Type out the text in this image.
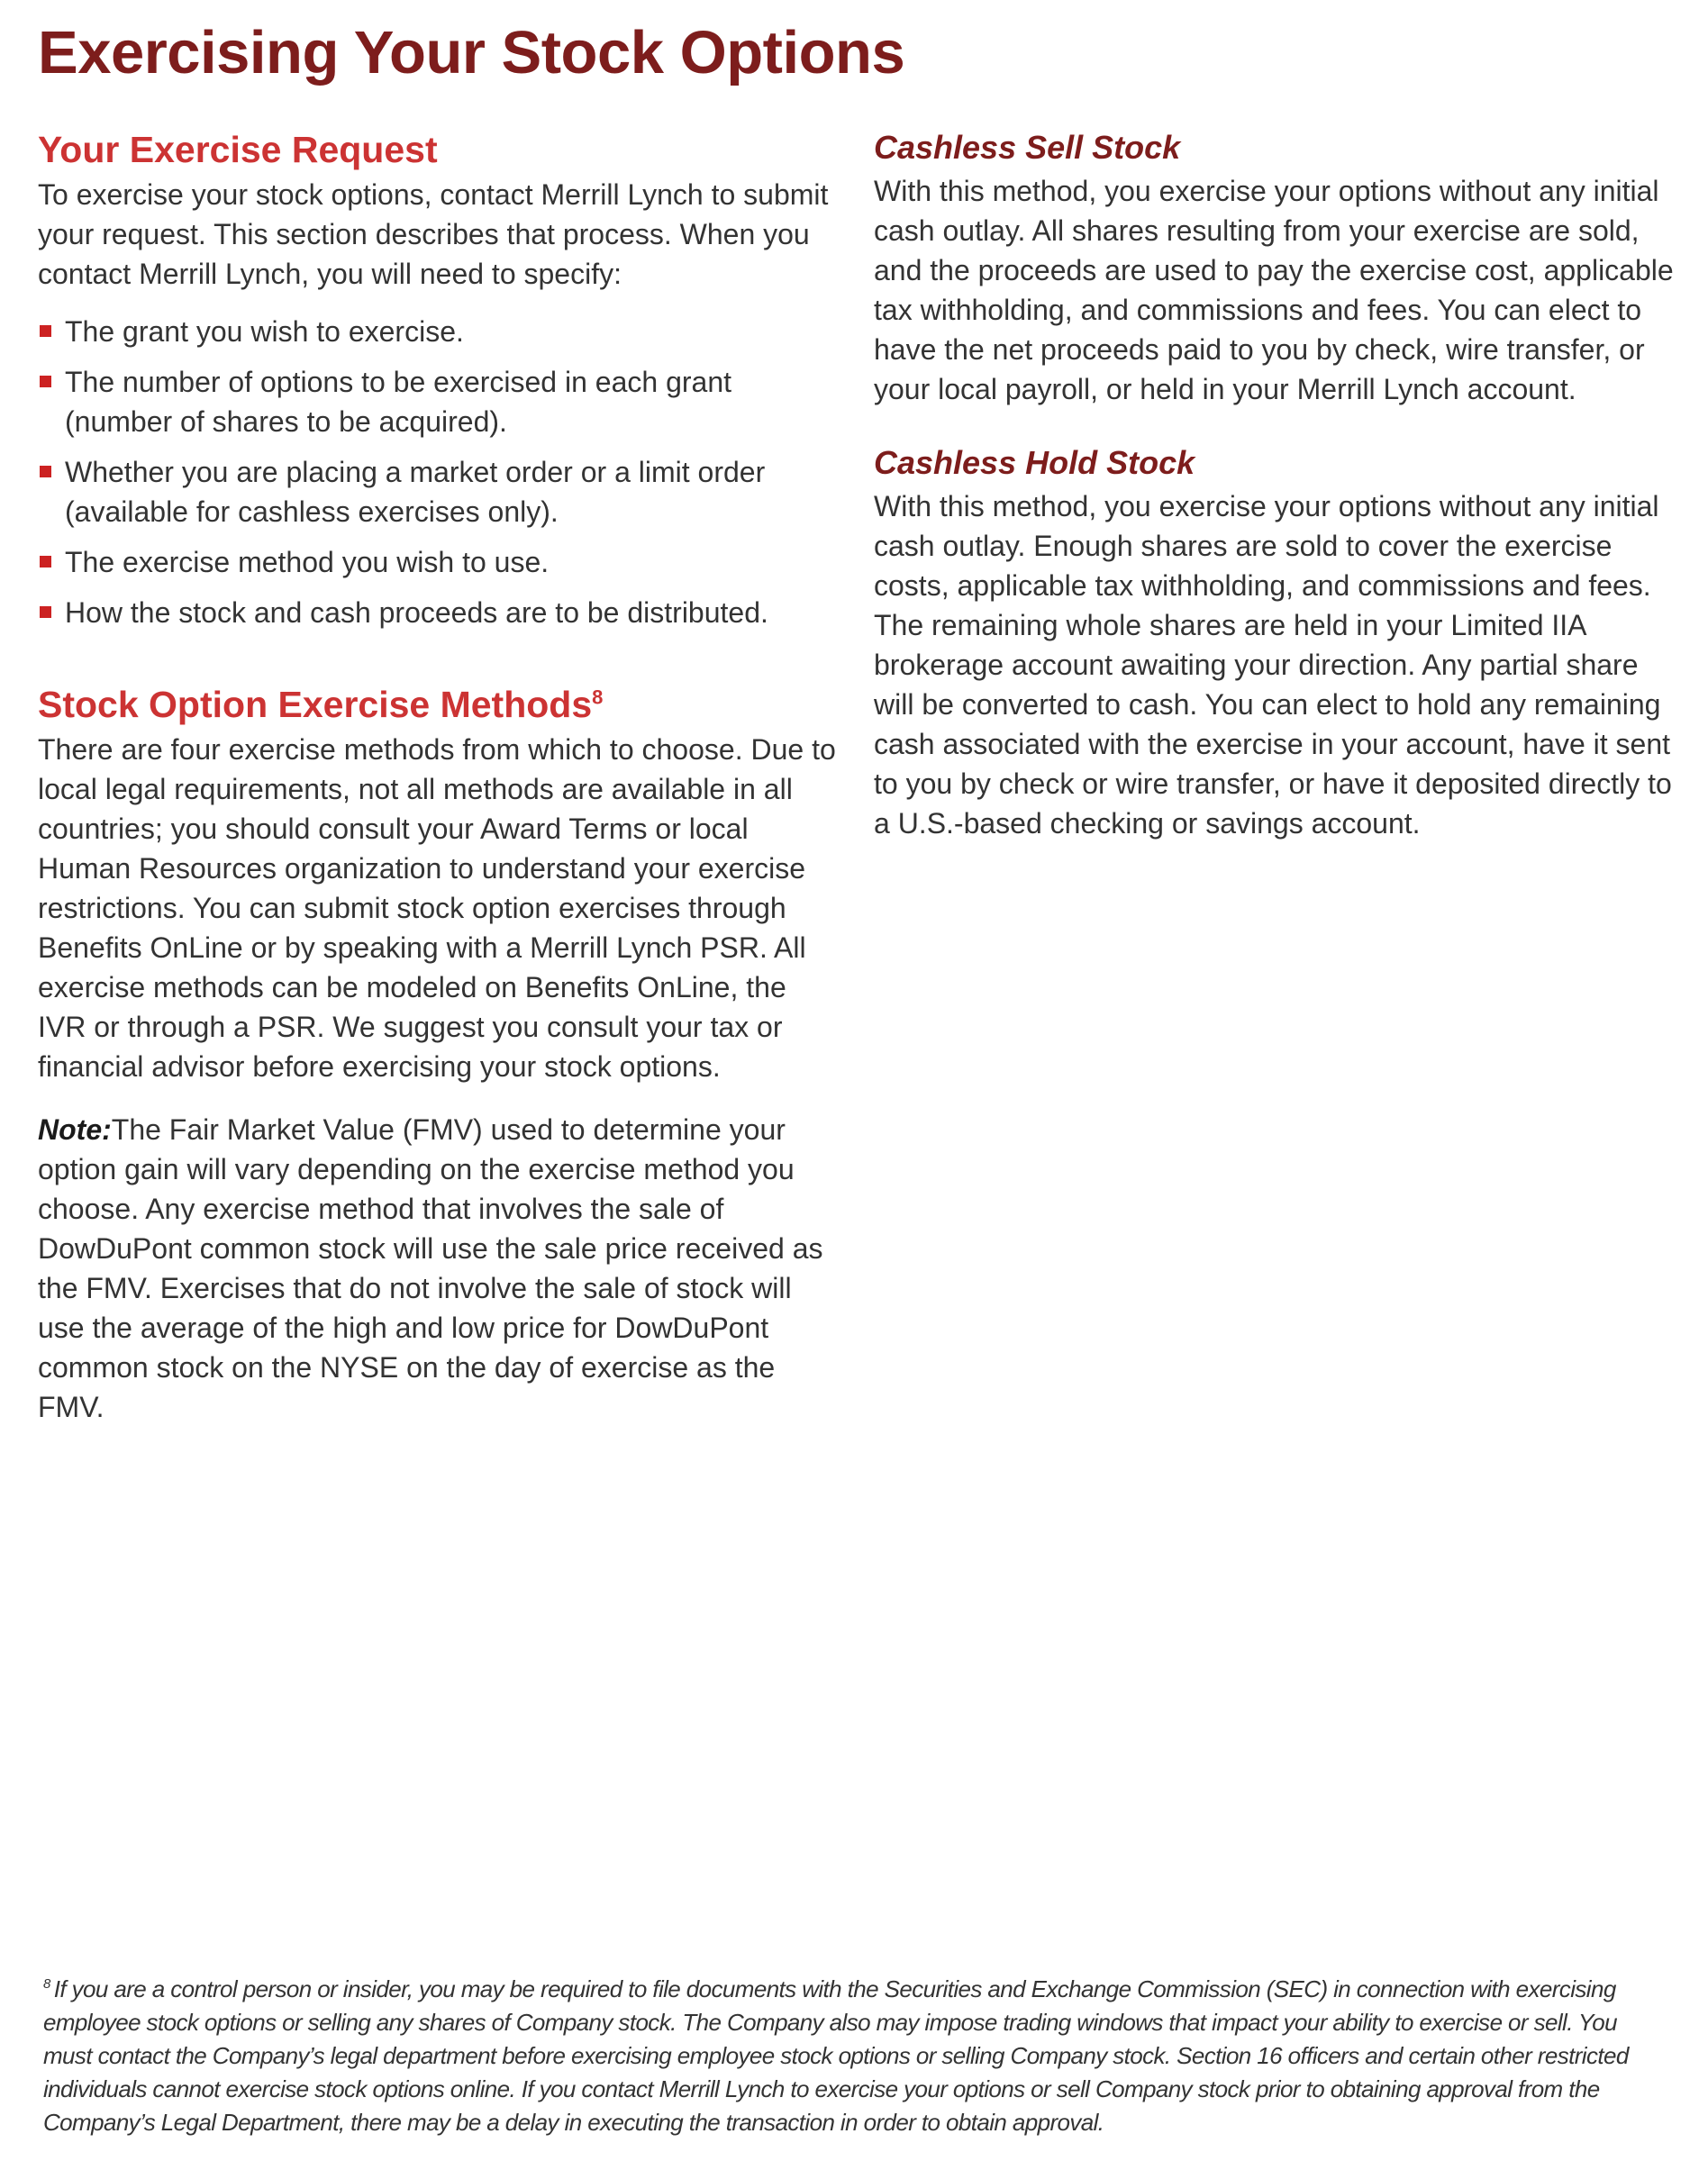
Exercising Your Stock Options
Your Exercise Request

To exercise your stock options, contact Merrill Lynch to submit your request. This section describes that process. When you contact Merrill Lynch, you will need to specify:

The grant you wish to exercise.
The number of options to be exercised in each grant (number of shares to be acquired).
Whether you are placing a market order or a limit order (available for cashless exercises only).
The exercise method you wish to use.
How the stock and cash proceeds are to be distributed.
Stock Option Exercise Methods$^8$

There are four exercise methods from which to choose. Due to local legal requirements, not all methods are available in all countries; you should consult your Award Terms or local Human Resources organization to understand your exercise restrictions. You can submit stock option exercises through Benefits OnLine or by speaking with a Merrill Lynch PSR. All exercise methods can be modeled on Benefits OnLine, the IVR or through a PSR. We suggest you consult your tax or financial advisor before exercising your stock options.

Note:The Fair Market Value (FMV) used to determine your option gain will vary depending on the exercise method you choose. Any exercise method that involves the sale of DowDuPont common stock will use the sale price received as the FMV. Exercises that do not involve the sale of stock will use the average of the high and low price for DowDuPont common stock on the NYSE on the day of exercise as the FMV.

Cashless Sell Stock

With this method, you exercise your options without any initial cash outlay. All shares resulting from your exercise are sold, and the proceeds are used to pay the exercise cost, applicable tax withholding, and commissions and fees. You can elect to have the net proceeds paid to you by check, wire transfer, or your local payroll, or held in your Merrill Lynch account.

Cashless Hold Stock

With this method, you exercise your options without any initial cash outlay. Enough shares are sold to cover the exercise costs, applicable tax withholding, and commissions and fees. The remaining whole shares are held in your Limited IIA brokerage account awaiting your direction. Any partial share will be converted to cash. You can elect to hold any remaining cash associated with the exercise in your account, have it sent to you by check or wire transfer, or have it deposited directly to a U.S.-based checking or savings account.

$^8$ If you are a control person or insider, you may be required to file documents with the Securities and Exchange Commission (SEC) in connection with exercising employee stock options or selling any shares of Company stock. The Company also may impose trading windows that impact your ability to exercise or sell. You must contact the Company’s legal department before exercising employee stock options or selling Company stock. Section 16 officers and certain other restricted individuals cannot exercise stock options online. If you contact Merrill Lynch to exercise your options or sell Company stock prior to obtaining approval from the Company’s Legal Department, there may be a delay in executing the transaction in order to obtain approval.
